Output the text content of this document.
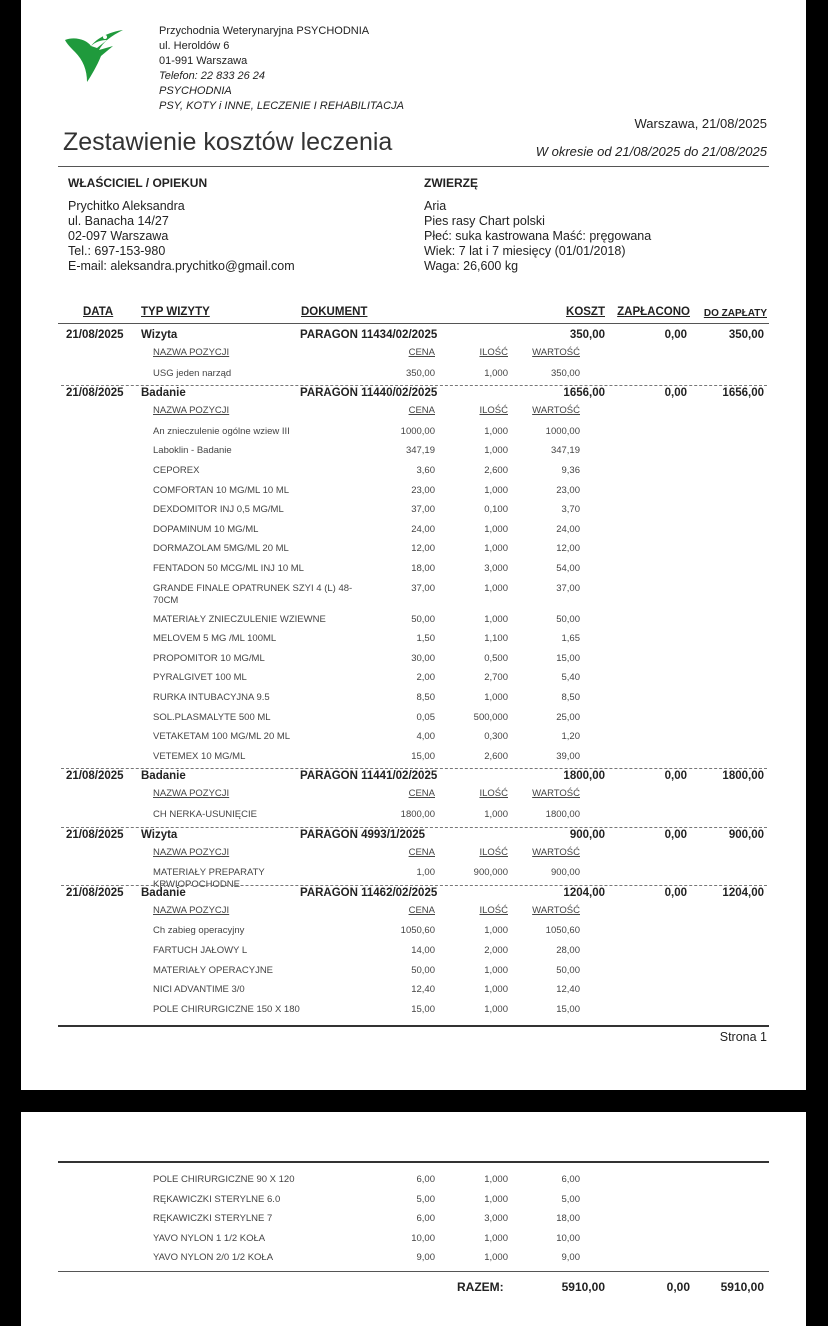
Przychodnia Weterynaryjna PSYCHODNIA
ul. Heroldów 6
01-991 Warszawa
Telefon: 22 833 26 24
PSYCHODNIA
PSY, KOTY i INNE, LECZENIE I REHABILITACJA
Warszawa, 21/08/2025
Zestawienie kosztów leczenia	W okresie od 21/08/2025 do 21/08/2025
WŁAŚCICIEL / OPIEKUN	ZWIERZĘ
Prychitko Aleksandra
ul. Banacha 14/27
02-097 Warszawa
Tel.: 697-153-980
E-mail: aleksandra.prychitko@gmail.com
Aria
Pies rasy Chart polski
Płeć: suka kastrowana Maść: pręgowana
Wiek: 7 lat i 7 miesięcy (01/01/2018)
Waga: 26,600 kg
DATA TYP WIZYTY	DOKUMENT	KOSZT ZAPŁACONO DO ZAPŁATY
21/08/2025 Wizyta	PARAGON 11434/02/2025	350,00	0,00	350,00
NAZWA POZYCJI	CENA	ILOŚĆ	WARTOŚĆ
USG jeden narząd	350,00	1,000	350,00
21/08/2025 Badanie	PARAGON 11440/02/2025	1656,00	0,00	1656,00
NAZWA POZYCJI	CENA	ILOŚĆ	WARTOŚĆ
An znieczulenie ogólne wziew III	1000,00	1,000	1000,00
Laboklin - Badanie	347,19	1,000	347,19
CEPOREX	3,60	2,600	9,36
COMFORTAN 10 MG/ML 10 ML	23,00	1,000	23,00
DEXDOMITOR INJ 0,5 MG/ML	37,00	0,100	3,70
DOPAMINUM 10 MG/ML	24,00	1,000	24,00
DORMAZOLAM 5MG/ML 20 ML	12,00	1,000	12,00
FENTADON 50 MCG/ML INJ 10 ML	18,00	3,000	54,00
GRANDE FINALE OPATRUNEK SZYI 4 (L) 48-70CM
37,00	1,000	37,00
MATERIAŁY ZNIECZULENIE WZIEWNE	50,00	1,000	50,00
MELOVEM 5 MG /ML 100ML	1,50	1,100	1,65
PROPOMITOR 10 MG/ML	30,00	0,500	15,00
PYRALGIVET 100 ML	2,00	2,700	5,40
RURKA INTUBACYJNA 9.5	8,50	1,000	8,50
SOL.PLASMALYTE 500 ML	0,05	500,000	25,00
VETAKETAM 100 MG/ML 20 ML	4,00	0,300	1,20
VETEMEX 10 MG/ML	15,00	2,600	39,00
21/08/2025 Badanie	PARAGON 11441/02/2025	1800,00	0,00	1800,00
NAZWA POZYCJI	CENA	ILOŚĆ	WARTOŚĆ
CH NERKA-USUNIĘCIE	1800,00	1,000	1800,00
21/08/2025 Wizyta	PARAGON 4993/1/2025	900,00	0,00	900,00
NAZWA POZYCJI	CENA	ILOŚĆ	WARTOŚĆ
MATERIAŁY PREPARATY KRWIOPOCHODNE
1,00	900,000	900,00
21/08/2025 Badanie	PARAGON 11462/02/2025	1204,00	0,00	1204,00
NAZWA POZYCJI	CENA	ILOŚĆ	WARTOŚĆ
Ch zabieg operacyjny	1050,60	1,000	1050,60
FARTUCH JAŁOWY L	14,00	2,000	28,00
MATERIAŁY OPERACYJNE	50,00	1,000	50,00
NICI ADVANTIME 3/0	12,40	1,000	12,40
POLE CHIRURGICZNE 150 X 180	15,00	1,000	15,00
Strona 1
POLE CHIRURGICZNE 90 X 120	6,00	1,000	6,00
RĘKAWICZKI STERYLNE 6.0	5,00	1,000	5,00
RĘKAWICZKI STERYLNE 7	6,00	3,000	18,00
YAVO NYLON 1 1/2 KOŁA	10,00	1,000	10,00
YAVO NYLON 2/0 1/2 KOŁA	9,00	1,000	9,00
RAZEM:	5910,00	0,00	5910,00
